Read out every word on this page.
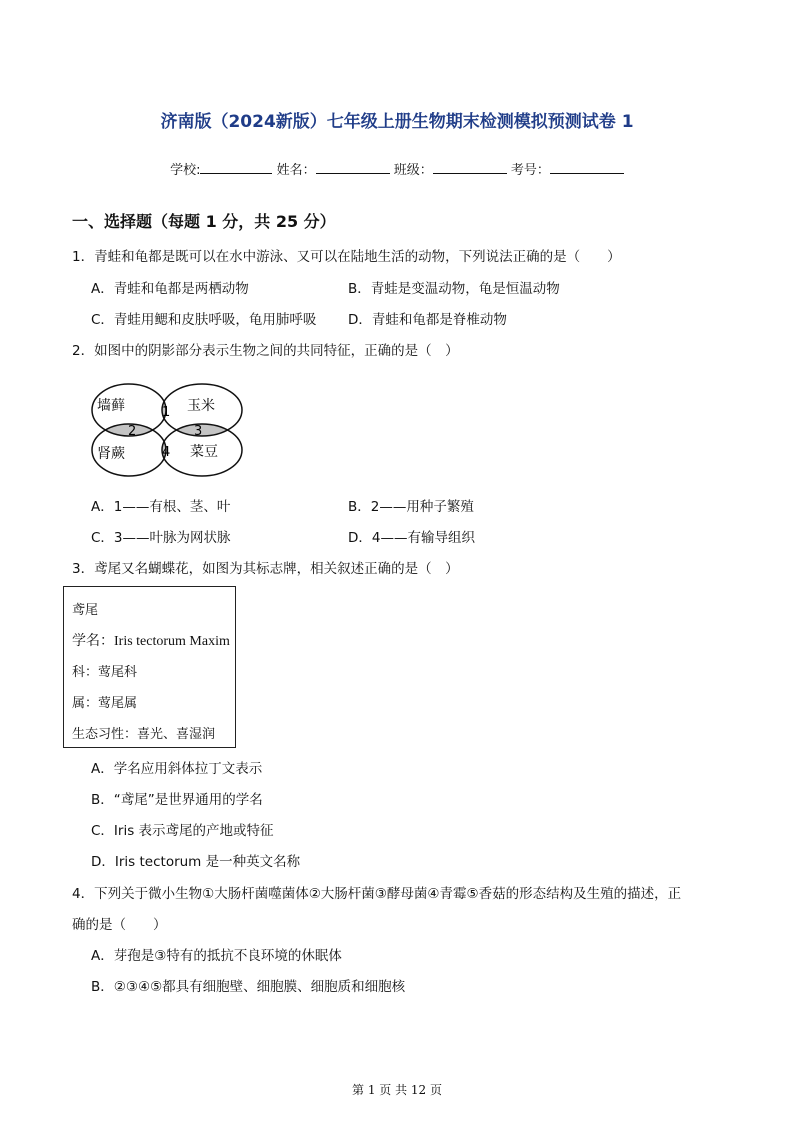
济南版（2024新版）七年级上册生物期末检测模拟预测试卷 1
学校:	姓名：	班级：	考号：
一、选择题（每题 1 分，共 25 分）
1．青蛙和龟都是既可以在水中游泳、又可以在陆地生活的动物，下列说法正确的是（　　）
A．青蛙和龟都是两栖动物	B．青蛙是变温动物，龟是恒温动物
C．青蛙用鳃和皮肤呼吸，龟用肺呼吸 D．青蛙和龟都是脊椎动物
2．如图中的阴影部分表示生物之间的共同特征，正确的是（　）
墙藓	玉米
肾蕨	菜豆
1
2	3
4
A．1——有根、茎、叶	B．2——用种子繁殖
C．3——叶脉为网状脉	D．4——有输导组织
3．鸢尾又名蝴蝶花，如图为其标志牌，相关叙述正确的是（　）
鸢尾
学名：Iris tectorum Maxim
科：莺尾科
属：莺尾属
生态习性：喜光、喜湿润
A．学名应用斜体拉丁文表示
B．“鸢尾”是世界通用的学名
C．Iris 表示鸢尾的产地或特征
D．Iris tectorum 是一种英文名称
4．下列关于微小生物①大肠杆菌噬菌体②大肠杆菌③酵母菌④青霉⑤香菇的形态结构及生殖的描述，正
确的是（　　）
A．芽孢是③特有的抵抗不良环境的休眠体
B．②③④⑤都具有细胞壁、细胞膜、细胞质和细胞核
第 1 页 共 12 页
